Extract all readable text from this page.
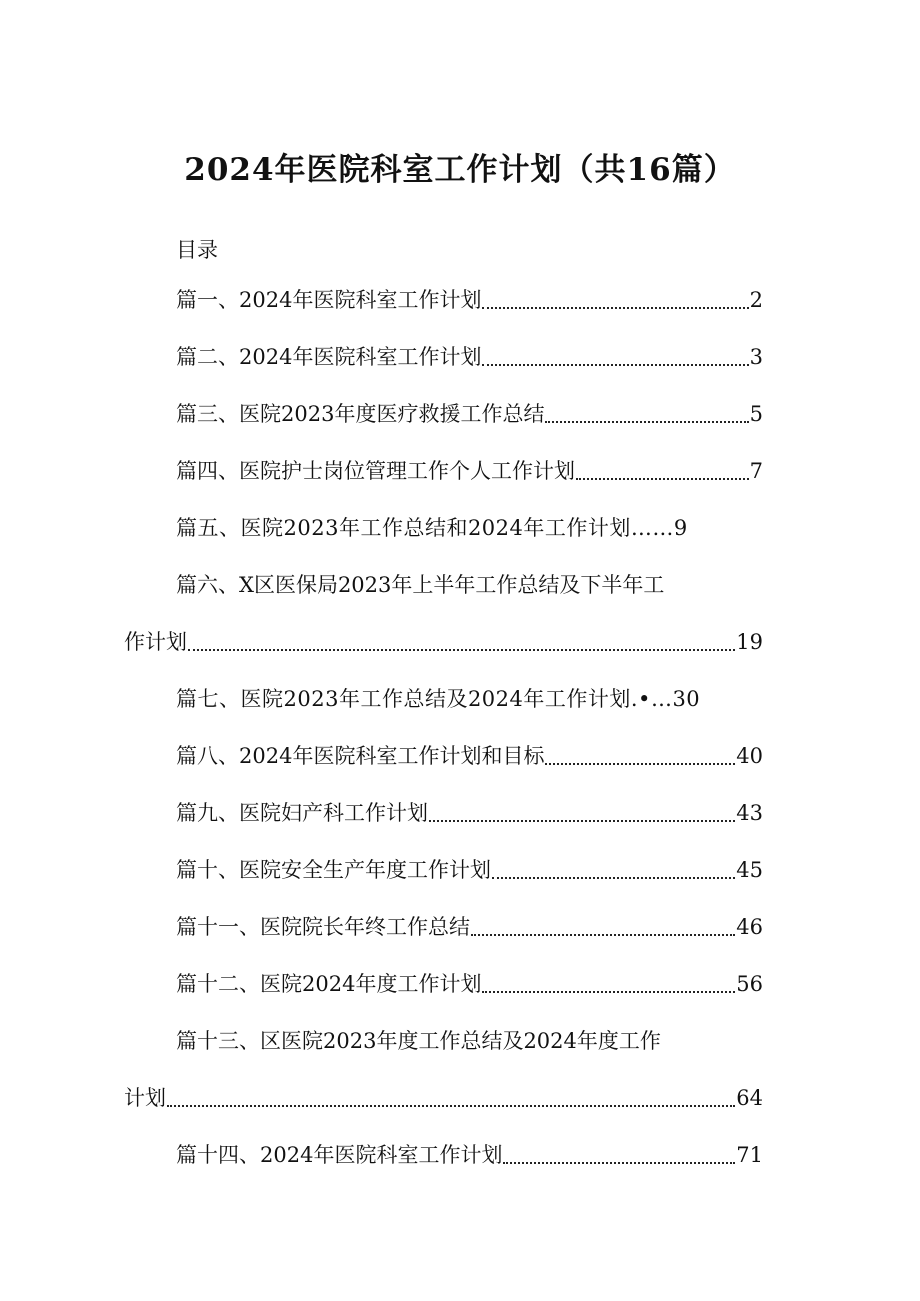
2024年医院科室工作计划（共16篇）
目录
篇一、2024年医院科室工作计划	2
篇二、2024年医院科室工作计划	3
篇三、医院2023年度医疗救援工作总结	5
篇四、医院护士岗位管理工作个人工作计划	7
篇五、医院2023年工作总结和2024年工作计划……9
篇六、X区医保局2023年上半年工作总结及下半年工
作计划	19
篇七、医院2023年工作总结及2024年工作计划.•…30
篇八、2024年医院科室工作计划和目标	40
篇九、医院妇产科工作计划	43
篇十、医院安全生产年度工作计划	45
篇十一、医院院长年终工作总结	46
篇十二、医院2024年度工作计划	56
篇十三、区医院2023年度工作总结及2024年度工作
计划	64
篇十四、2024年医院科室工作计划	71
